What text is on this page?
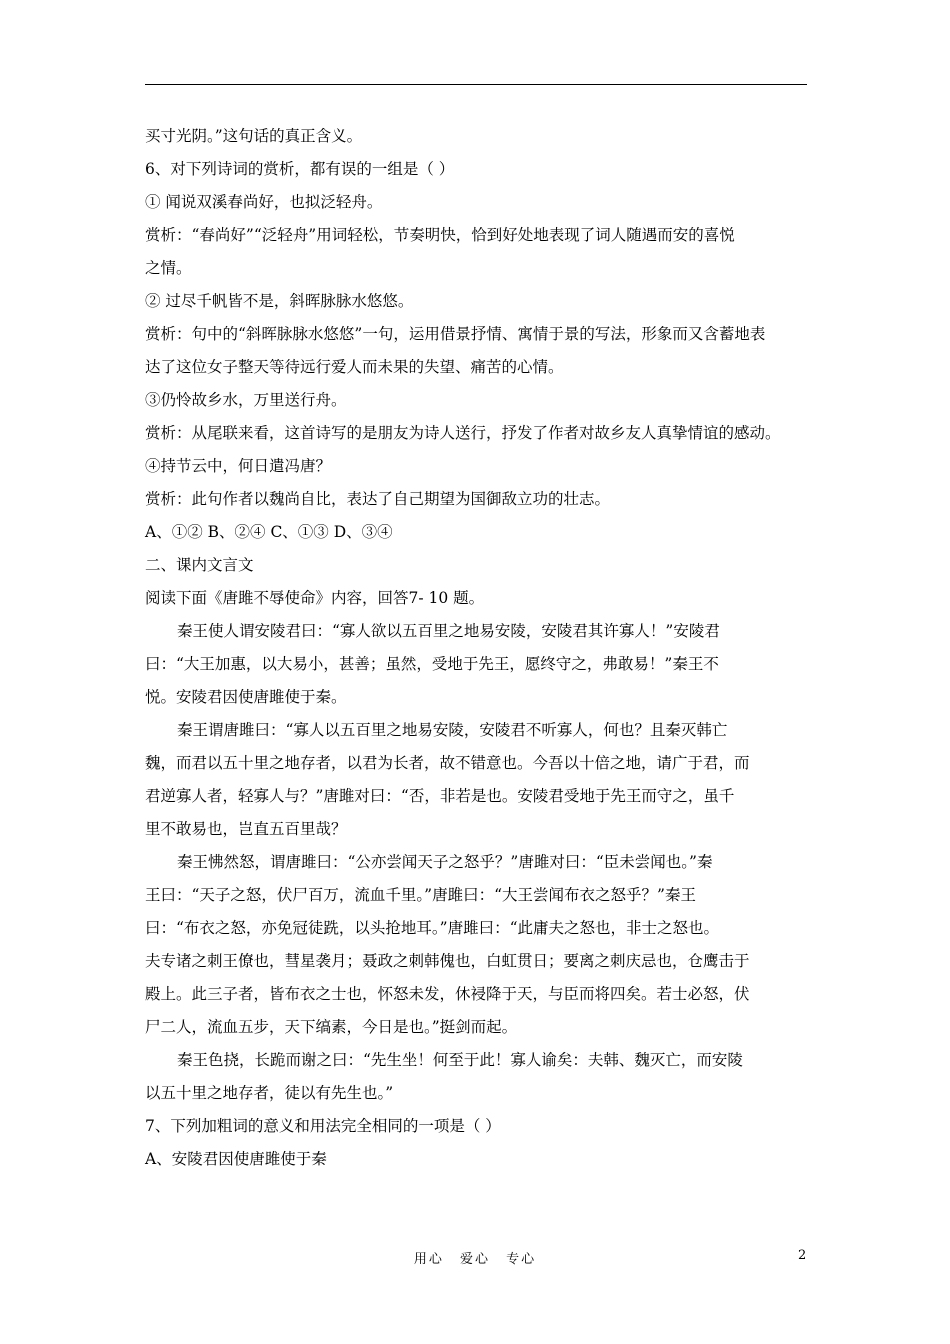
买寸光阴。”这句话的真正含义。
6、对下列诗词的赏析，都有误的一组是（ ）
① 闻说双溪春尚好，也拟泛轻舟。
赏析：“春尚好”“泛轻舟”用词轻松，节奏明快，恰到好处地表现了词人随遇而安的喜悦
之情。
② 过尽千帆皆不是，斜晖脉脉水悠悠。
赏析：句中的“斜晖脉脉水悠悠”一句，运用借景抒情、寓情于景的写法，形象而又含蓄地表
达了这位女子整天等待远行爱人而未果的失望、痛苦的心情。
③仍怜故乡水，万里送行舟。
赏析：从尾联来看，这首诗写的是朋友为诗人送行，抒发了作者对故乡友人真挚情谊的感动。
④持节云中，何日遣冯唐？
赏析：此句作者以魏尚自比，表达了自己期望为国御敌立功的壮志。
A、①② B、②④ C、①③ D、③④
二、课内文言文
阅读下面《唐雎不辱使命》内容，回答7- 10 题。
秦王使人谓安陵君曰：“寡人欲以五百里之地易安陵，安陵君其许寡人！”安陵君
曰：“大王加惠，以大易小，甚善；虽然，受地于先王，愿终守之，弗敢易！”秦王不
悦。安陵君因使唐雎使于秦。
秦王谓唐雎曰：“寡人以五百里之地易安陵，安陵君不听寡人，何也？且秦灭韩亡
魏，而君以五十里之地存者，以君为长者，故不错意也。今吾以十倍之地，请广于君，而
君逆寡人者，轻寡人与？”唐雎对曰：“否，非若是也。安陵君受地于先王而守之，虽千
里不敢易也，岂直五百里哉？
秦王怫然怒，谓唐雎曰：“公亦尝闻天子之怒乎？”唐雎对曰：“臣未尝闻也。”秦
王曰：“天子之怒，伏尸百万，流血千里。”唐雎曰：“大王尝闻布衣之怒乎？”秦王
曰：“布衣之怒，亦免冠徒跣，以头抢地耳。”唐雎曰：“此庸夫之怒也，非士之怒也。
夫专诸之刺王僚也，彗星袭月；聂政之刺韩傀也，白虹贯日；要离之刺庆忌也，仓鹰击于
殿上。此三子者，皆布衣之士也，怀怒未发，休祲降于天，与臣而将四矣。若士必怒，伏
尸二人，流血五步，天下缟素，今日是也。”挺剑而起。
秦王色挠，长跪而谢之曰：“先生坐！何至于此！寡人谕矣：夫韩、魏灭亡，而安陵
以五十里之地存者，徒以有先生也。”
7、下列加粗词的意义和用法完全相同的一项是（ ）
A、安陵君因使唐雎使于秦
用心 爱心 专心	2
